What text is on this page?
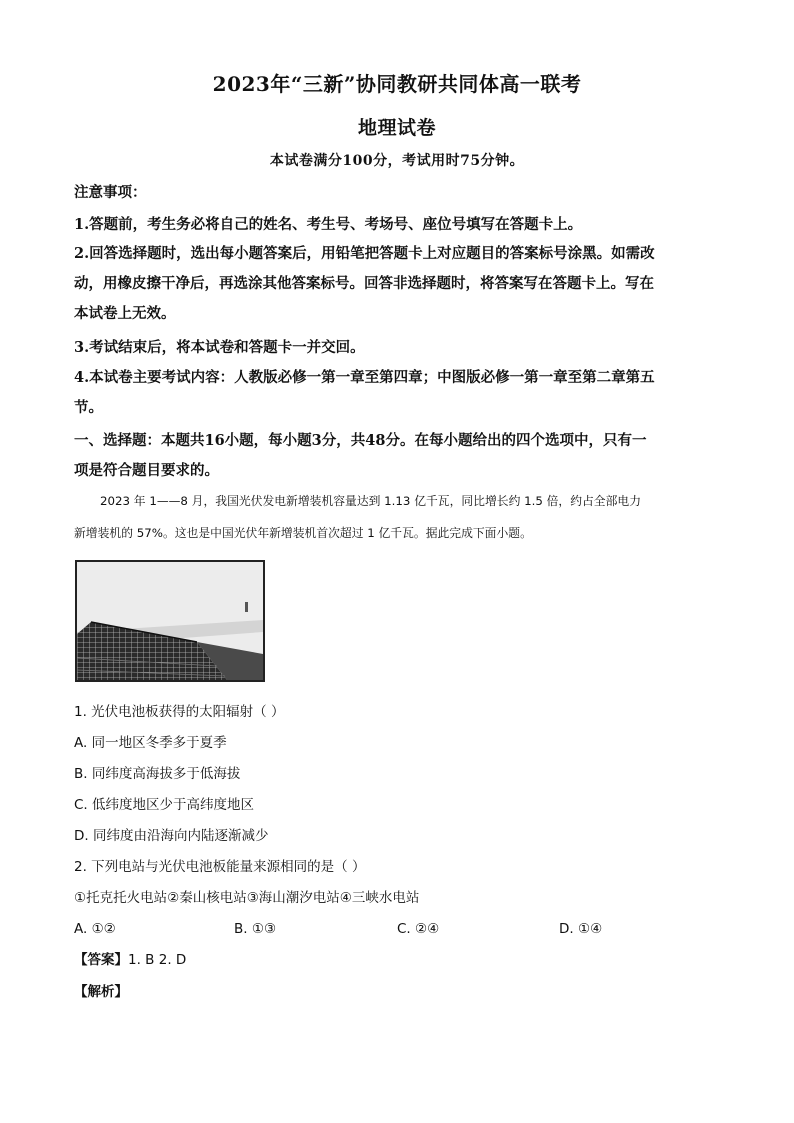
2023年“三新”协同教研共同体高一联考
地理试卷
本试卷满分100分，考试用时75分钟。
注意事项：
1.答题前，考生务必将自己的姓名、考生号、考场号、座位号填写在答题卡上。
2.回答选择题时，选出每小题答案后，用铅笔把答题卡上对应题目的答案标号涂黑。如需改
动，用橡皮擦干净后，再选涂其他答案标号。回答非选择题时，将答案写在答题卡上。写在
本试卷上无效。
3.考试结束后，将本试卷和答题卡一并交回。
4.本试卷主要考试内容：人教版必修一第一章至第四章；中图版必修一第一章至第二章第五
节。
一、选择题：本题共16小题，每小题3分，共48分。在每小题给出的四个选项中，只有一
项是符合题目要求的。
2023 年 1——8 月，我国光伏发电新增装机容量达到 1.13 亿千瓦，同比增长约 1.5 倍，约占全部电力
新增装机的 57%。这也是中国光伏年新增装机首次超过 1 亿千瓦。据此完成下面小题。
1. 光伏电池板获得的太阳辐射（ ）
A. 同一地区冬季多于夏季
B. 同纬度高海拔多于低海拔
C. 低纬度地区少于高纬度地区
D. 同纬度由沿海向内陆逐渐减少
2. 下列电站与光伏电池板能量来源相同的是（ ）
①托克托火电站②秦山核电站③海山潮汐电站④三峡水电站
A. ①②	B. ①③	C. ②④	D. ①④
【答案】1. B 2. D
【解析】
